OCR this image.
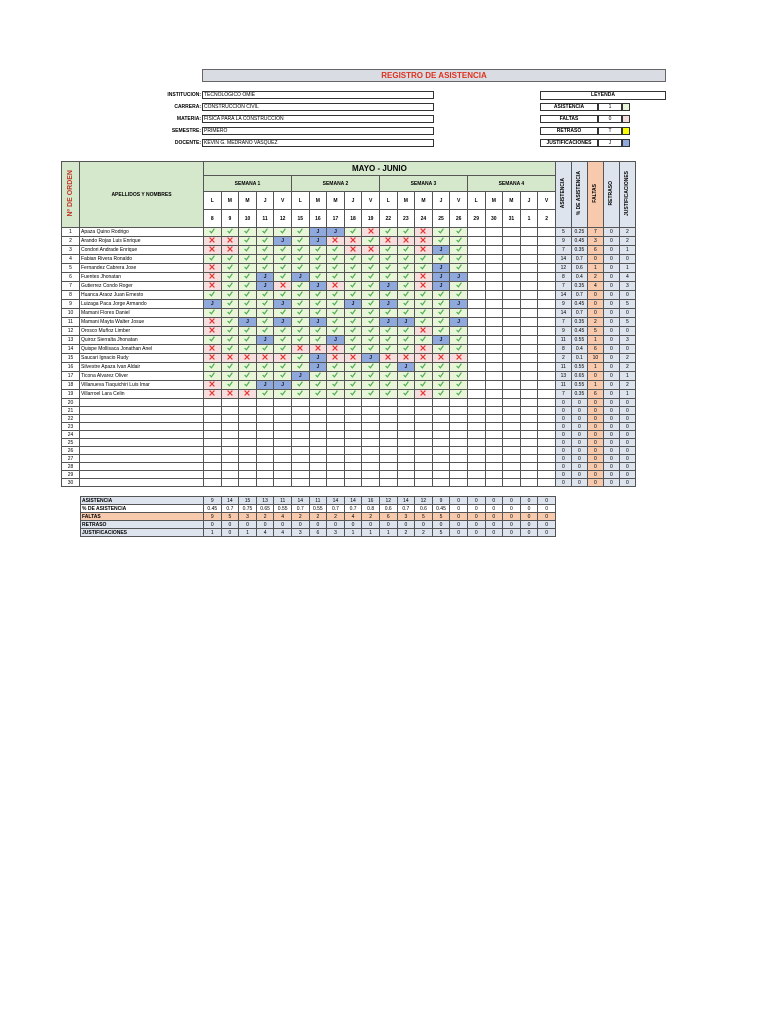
REGISTRO DE ASISTENCIA
INSTITUCION: TECNOLOGICO OMIE
CARRERA: CONSTRUCCION CIVIL
MATERIA: FISICA PARA LA CONSTRUCCION
SEMESTRE: PRIMERO
DOCENTE: KEVIN G. MEDRANO VASQUEZ
LEYENDA
ASISTENCIA	1
FALTAS	0
RETRASO	T
JUSTIFICACIONES	J
Nº DE ORDEN	APELLIDOS Y NOMBRES	MAYO - JUNIO																				ASISTENCIA	% DE ASISTENCIA	FALTAS	RETRASO	JUSTIFICACIONES
		SEMANA 1					SEMANA 2					SEMANA 3					SEMANA 4									
		L	M	M	J	V	L	M	M	J	V	L	M	M	J	V	L	M	M	J	V					
		8	9	10	11	12	15	16	17	18	19	22	23	24	25	26	29	30	31	1	2					
1	Apaza Quino Rodrigo							J	J													5	0.25	7	0	2
2	Arando Rojas Luis Enrique					J		J														9	0.45	3	0	2
3	Condori Andrade Enrique														J							7	0.35	6	0	1
4	Fabian Rivera Ronaldo																					14	0.7	0	0	0
5	Fernandez Cabrera Jose														J							12	0.6	1	0	1
6	Fuentes Jhonatan				J		J								J	J						8	0.4	2	0	4
7	Gutierrez Condo Roger				J			J				J			J							7	0.35	4	0	3
8	Huanca Araoz Juan Ernesto																					14	0.7	0	0	0
9	Luizaga Paca Jorge Armando	J				J				J		J				J						9	0.45	0	0	5
10	Mamani Flores Daniel																					14	0.7	0	0	0
11	Mamani Mayta Walter Josue			J		J		J				J	J			J						7	0.35	2	0	5
12	Orosco Muñoz Limber																					9	0.45	5	0	0
13	Quiroz Sierralta Jhonatan				J				J						J							11	0.55	1	0	3
14	Quispe Mollisaca Jonathan Anel																					8	0.4	6	0	0
15	Saucari Ignacio Rudy							J			J											2	0.1	10	0	2
16	Silvestre Apaza Ivan Aldair							J					J									11	0.55	1	0	2
17	Ticona Alvarez Oliver						J															13	0.65	0	0	1
18	Villanueva Tiaquichiri Luis Imar				J	J																11	0.55	1	0	2
19	Villarroel Lara Celin																					7	0.35	6	0	1
20																						0	0	0	0	0
21																						0	0	0	0	0
22																						0	0	0	0	0
23																						0	0	0	0	0
24																						0	0	0	0	0
25																						0	0	0	0	0
26																						0	0	0	0	0
27																						0	0	0	0	0
28																						0	0	0	0	0
29																						0	0	0	0	0
30																						0	0	0	0	0
ASISTENCIA	9	14	15	13	11	14	11	14	14	16	12	14	12	9	0	0	0	0	0	0
% DE ASISTENCIA	0.45	0.7	0.75	0.65	0.55	0.7	0.55	0.7	0.7	0.8	0.6	0.7	0.6	0.45	0	0	0	0	0	0
FALTAS	9	5	3	2	4	2	2	2	4	2	6	3	5	5	0	0	0	0	0	0
RETRASO	0	0	0	0	0	0	0	0	0	0	0	0	0	0	0	0	0	0	0	0
JUSTIFICACIONES	1	0	1	4	4	3	6	3	1	1	1	2	2	5	0	0	0	0	0	0
